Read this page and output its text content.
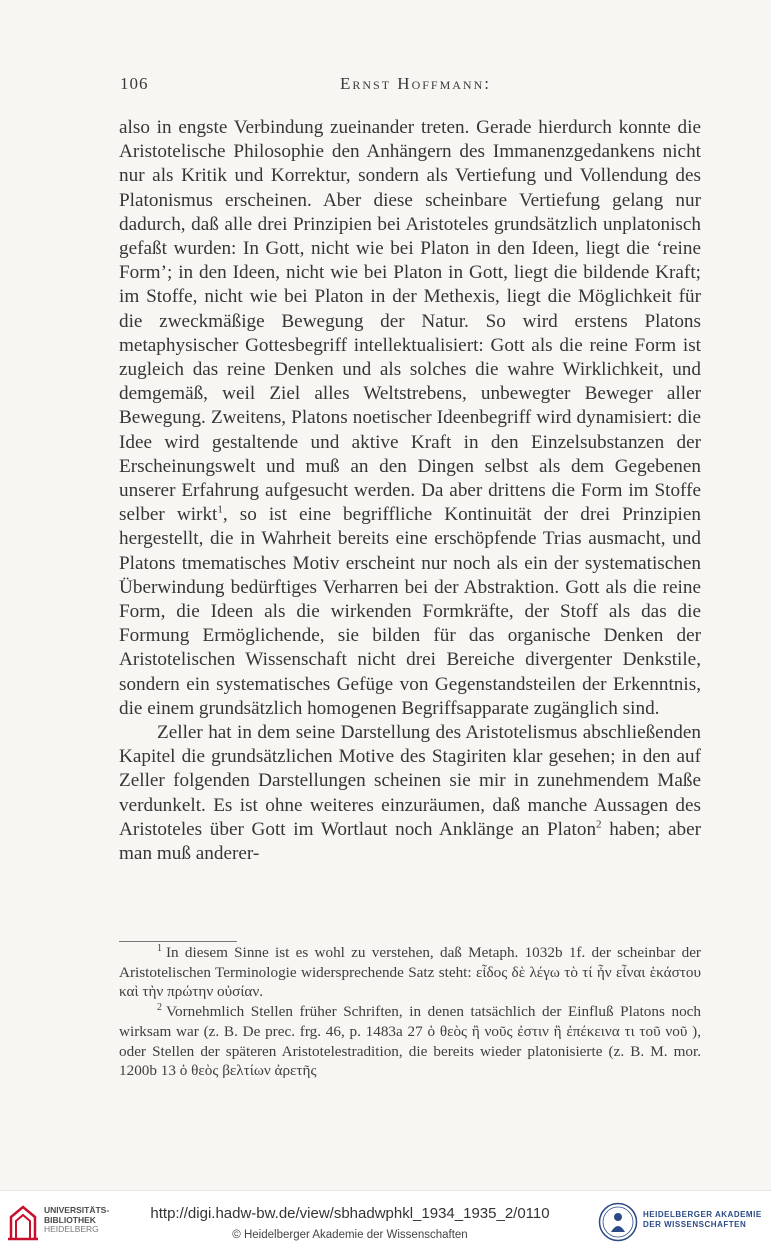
106	Ernst Hoffmann:

also in engste Verbindung zueinander treten. Gerade hierdurch konnte die Aristotelische Philosophie den Anhängern des Immanenzgedankens nicht nur als Kritik und Korrektur, sondern als Vertiefung und Vollendung des Platonismus erscheinen. Aber diese scheinbare Vertiefung gelang nur dadurch, daß alle drei Prinzipien bei Aristoteles grundsätzlich unplatonisch gefaßt wurden: In Gott, nicht wie bei Platon in den Ideen, liegt die ‘reine Form’; in den Ideen, nicht wie bei Platon in Gott, liegt die bildende Kraft; im Stoffe, nicht wie bei Platon in der Methexis, liegt die Möglichkeit für die zweckmäßige Bewegung der Natur. So wird erstens Platons metaphysischer Gottesbegriff intellektualisiert: Gott als die reine Form ist zugleich das reine Denken und als solches die wahre Wirklichkeit, und demgemäß, weil Ziel alles Weltstrebens, unbewegter Beweger aller Bewegung. Zweitens, Platons noetischer Ideenbegriff wird dynamisiert: die Idee wird gestaltende und aktive Kraft in den Einzelsubstanzen der Erscheinungswelt und muß an den Dingen selbst als dem Gegebenen unserer Erfahrung aufgesucht werden. Da aber drittens die Form im Stoffe selber wirkt$^1$, so ist eine begriffliche Kontinuität der drei Prinzipien hergestellt, die in Wahrheit bereits eine erschöpfende Trias ausmacht, und Platons tmematisches Motiv erscheint nur noch als ein der systematischen Überwindung bedürftiges Verharren bei der Abstraktion. Gott als die reine Form, die Ideen als die wirkenden Formkräfte, der Stoff als das die Formung Ermöglichende, sie bilden für das organische Denken der Aristotelischen Wissenschaft nicht drei Bereiche divergenter Denkstile, sondern ein systematisches Gefüge von Gegenstandsteilen der Erkenntnis, die einem grundsätzlich homogenen Begriffsapparate zugänglich sind.

Zeller hat in dem seine Darstellung des Aristotelismus abschließenden Kapitel die grundsätzlichen Motive des Stagiriten klar gesehen; in den auf Zeller folgenden Darstellungen scheinen sie mir in zunehmendem Maße verdunkelt. Es ist ohne weiteres einzuräumen, daß manche Aussagen des Aristoteles über Gott im Wortlaut noch Anklänge an Platon$^2$ haben; aber man muß anderer-

$^1$ In diesem Sinne ist es wohl zu verstehen, daß Metaph. 1032b 1f. der scheinbar der Aristotelischen Terminologie widersprechende Satz steht: εἶδος δὲ λέγω τὸ τί ἦν εἶναι ἑκάστου καὶ τὴν πρώτην οὐσίαν.

$^2$ Vornehmlich Stellen früher Schriften, in denen tatsächlich der Einfluß Platons noch wirksam war (z. B. De prec. frg. 46, p. 1483a 27 ὁ θεὸς ἢ νοῦς ἐστιν ἢ ἐπέκεινα τι τοῦ νοῦ ), oder Stellen der späteren Aristotelestradition, die bereits wieder platonisierte (z. B. M. mor. 1200b 13 ὁ θεὸς βελτίων ἀρετῆς

UNIVERSITÄTS-
BIBLIOTHEK
HEIDELBERG
http://digi.hadw-bw.de/view/sbhadwphkl_1934_1935_2/0110
© Heidelberger Akademie der Wissenschaften
HEIDELBERGER AKADEMIE
DER WISSENSCHAFTEN
